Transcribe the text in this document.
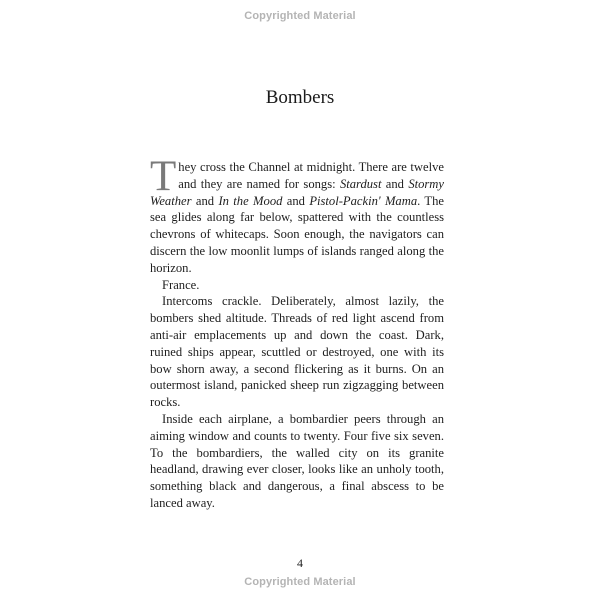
Copyrighted Material
Bombers

They cross the Channel at midnight. There are twelve and they are named for songs: Stardust and Stormy Weather and In the Mood and Pistol-Packin' Mama. The sea glides along far below, spattered with the countless chevrons of whitecaps. Soon enough, the navigators can discern the low moonlit lumps of islands ranged along the horizon.

France.

Intercoms crackle. Deliberately, almost lazily, the bombers shed altitude. Threads of red light ascend from anti-air emplacements up and down the coast. Dark, ruined ships appear, scuttled or destroyed, one with its bow shorn away, a second flickering as it burns. On an outermost island, panicked sheep run zigzagging between rocks.

Inside each airplane, a bombardier peers through an aiming window and counts to twenty. Four five six seven. To the bombardiers, the walled city on its granite headland, drawing ever closer, looks like an unholy tooth, something black and dangerous, a final abscess to be lanced away.

4
Copyrighted Material
